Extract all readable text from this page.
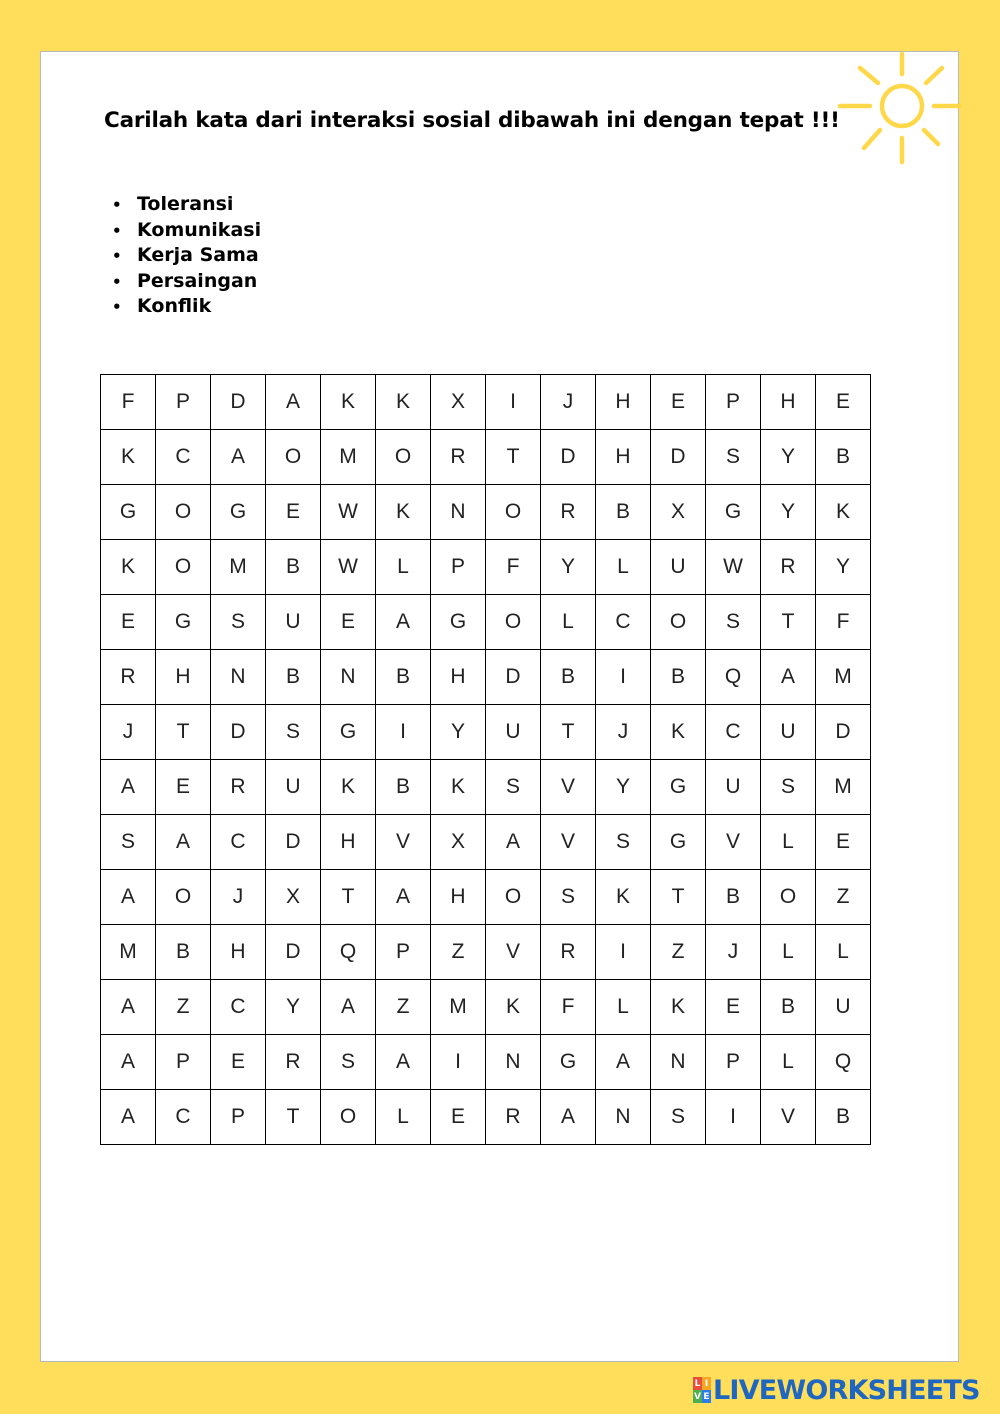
Carilah kata dari interaksi sosial dibawah ini dengan tepat !!!
• Toleransi
• Komunikasi
• Kerja Sama
• Persaingan
• Konflik
F	P	D	A	K	K	X	I	J	H	E	P	H	E
K	C	A	O	M	O	R	T	D	H	D	S	Y	B
G	O	G	E	W	K	N	O	R	B	X	G	Y	K
K	O	M	B	W	L	P	F	Y	L	U	W	R	Y
E	G	S	U	E	A	G	O	L	C	O	S	T	F
R	H	N	B	N	B	H	D	B	I	B	Q	A	M
J	T	D	S	G	I	Y	U	T	J	K	C	U	D
A	E	R	U	K	B	K	S	V	Y	G	U	S	M
S	A	C	D	H	V	X	A	V	S	G	V	L	E
A	O	J	X	T	A	H	O	S	K	T	B	O	Z
M	B	H	D	Q	P	Z	V	R	I	Z	J	L	L
A	Z	C	Y	A	Z	M	K	F	L	K	E	B	U
A	P	E	R	S	A	I	N	G	A	N	P	L	Q
A	C	P	T	O	L	E	R	A	N	S	I	V	B
L I
V E LIVEWORKSHEETS
